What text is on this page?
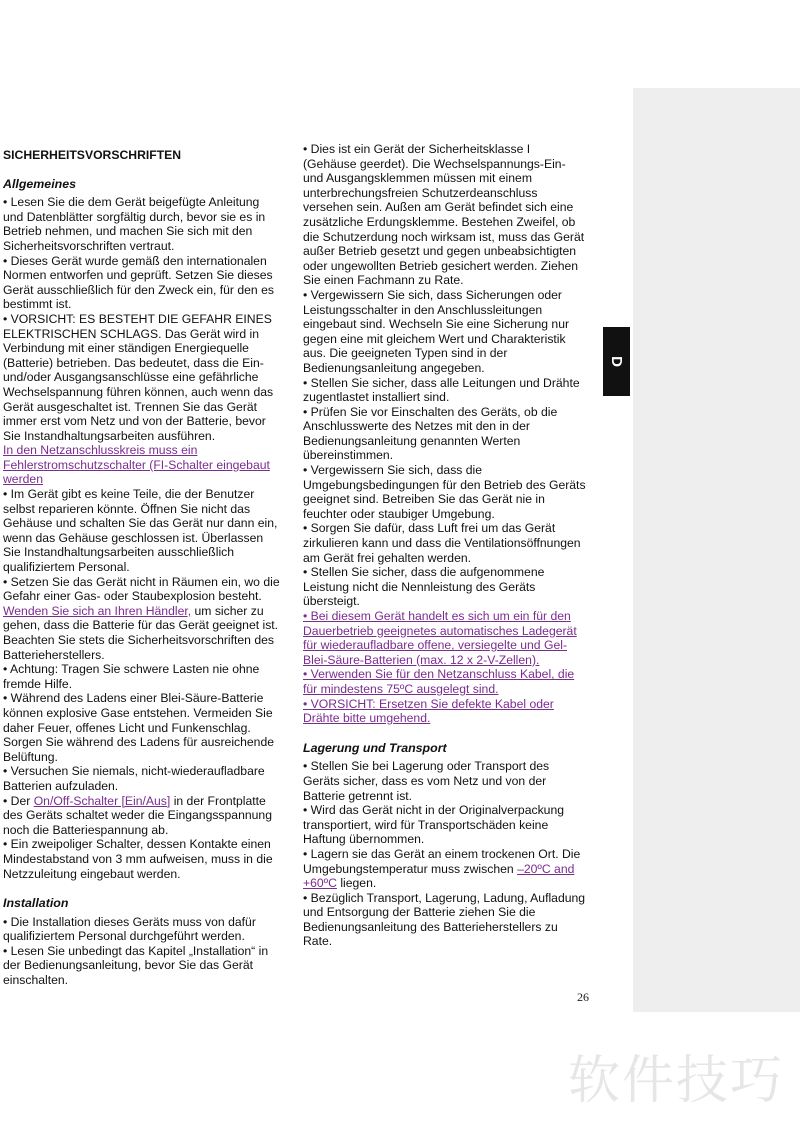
D
SICHERHEITSVORSCHRIFTEN
Allgemeines

• Lesen Sie die dem Gerät beigefügte Anleitung und Datenblätter sorgfältig durch, bevor sie es in Betrieb nehmen, und machen Sie sich mit den Sicherheitsvorschriften vertraut.

• Dieses Gerät wurde gemäß den internationalen Normen entworfen und geprüft. Setzen Sie dieses Gerät ausschließlich für den Zweck ein, für den es bestimmt ist.

• VORSICHT: ES BESTEHT DIE GEFAHR EINES ELEKTRISCHEN SCHLAGS. Das Gerät wird in Verbindung mit einer ständigen Energiequelle (Batterie) betrieben. Das bedeutet, dass die Ein- und/oder Ausgangsanschlüsse eine gefährliche Wechselspannung führen können, auch wenn das Gerät ausgeschaltet ist. Trennen Sie das Gerät immer erst vom Netz und von der Batterie, bevor Sie Instandhaltungsarbeiten ausführen.

In den Netzanschlusskreis muss ein Fehlerstromschutzschalter (FI-Schalter eingebaut werden

• Im Gerät gibt es keine Teile, die der Benutzer selbst reparieren könnte. Öffnen Sie nicht das Gehäuse und schalten Sie das Gerät nur dann ein, wenn das Gehäuse geschlossen ist. Überlassen Sie Instandhaltungsarbeiten ausschließlich qualifiziertem Personal.

• Setzen Sie das Gerät nicht in Räumen ein, wo die Gefahr einer Gas- oder Staubexplosion besteht. Wenden Sie sich an Ihren Händler, um sicher zu gehen, dass die Batterie für das Gerät geeignet ist. Beachten Sie stets die Sicherheitsvorschriften des Batterieherstellers.

• Achtung: Tragen Sie schwere Lasten nie ohne fremde Hilfe.

• Während des Ladens einer Blei-Säure-Batterie können explosive Gase entstehen. Vermeiden Sie daher Feuer, offenes Licht und Funkenschlag. Sorgen Sie während des Ladens für ausreichende Belüftung.

• Versuchen Sie niemals, nicht-wiederaufladbare Batterien aufzuladen.

• Der On/Off-Schalter [Ein/Aus] in der Frontplatte des Geräts schaltet weder die Eingangsspannung noch die Batteriespannung ab.

• Ein zweipoliger Schalter, dessen Kontakte einen Mindestabstand von 3 mm aufweisen, muss in die Netzzuleitung eingebaut werden.

Installation

• Die Installation dieses Geräts muss von dafür qualifiziertem Personal durchgeführt werden.

• Lesen Sie unbedingt das Kapitel „Installation“ in der Bedienungsanleitung, bevor Sie das Gerät einschalten.

• Dies ist ein Gerät der Sicherheitsklasse I (Gehäuse geerdet). Die Wechselspannungs-Ein- und Ausgangsklemmen müssen mit einem unterbrechungsfreien Schutzerdeanschluss versehen sein. Außen am Gerät befindet sich eine zusätzliche Erdungsklemme. Bestehen Zweifel, ob die Schutzerdung noch wirksam ist, muss das Gerät außer Betrieb gesetzt und gegen unbeabsichtigten oder ungewollten Betrieb gesichert werden. Ziehen Sie einen Fachmann zu Rate.

• Vergewissern Sie sich, dass Sicherungen oder Leistungsschalter in den Anschlussleitungen eingebaut sind. Wechseln Sie eine Sicherung nur gegen eine mit gleichem Wert und Charakteristik aus. Die geeigneten Typen sind in der Bedienungsanleitung angegeben.

• Stellen Sie sicher, dass alle Leitungen und Drähte zugentlastet installiert sind.

• Prüfen Sie vor Einschalten des Geräts, ob die Anschlusswerte des Netzes mit den in der Bedienungsanleitung genannten Werten übereinstimmen.

• Vergewissern Sie sich, dass die Umgebungsbedingungen für den Betrieb des Geräts geeignet sind. Betreiben Sie das Gerät nie in feuchter oder staubiger Umgebung.

• Sorgen Sie dafür, dass Luft frei um das Gerät zirkulieren kann und dass die Ventilationsöffnungen am Gerät frei gehalten werden.

• Stellen Sie sicher, dass die aufgenommene Leistung nicht die Nennleistung des Geräts übersteigt.

• Bei diesem Gerät handelt es sich um ein für den Dauerbetrieb geeignetes automatisches Ladegerät für wiederaufladbare offene, versiegelte und Gel-Blei-Säure-Batterien (max. 12 x 2-V-Zellen).

• Verwenden Sie für den Netzanschluss Kabel, die für mindestens 75ºC ausgelegt sind.

• VORSICHT: Ersetzen Sie defekte Kabel oder Drähte bitte umgehend.

Lagerung und Transport

• Stellen Sie bei Lagerung oder Transport des Geräts sicher, dass es vom Netz und von der Batterie getrennt ist.

• Wird das Gerät nicht in der Originalverpackung transportiert, wird für Transportschäden keine Haftung übernommen.

• Lagern sie das Gerät an einem trockenen Ort. Die Umgebungstemperatur muss zwischen –20ºC and +60ºC liegen.

• Bezüglich Transport, Lagerung, Ladung, Aufladung und Entsorgung der Batterie ziehen Sie die Bedienungsanleitung des Batterieherstellers zu Rate.

26
软件技巧
